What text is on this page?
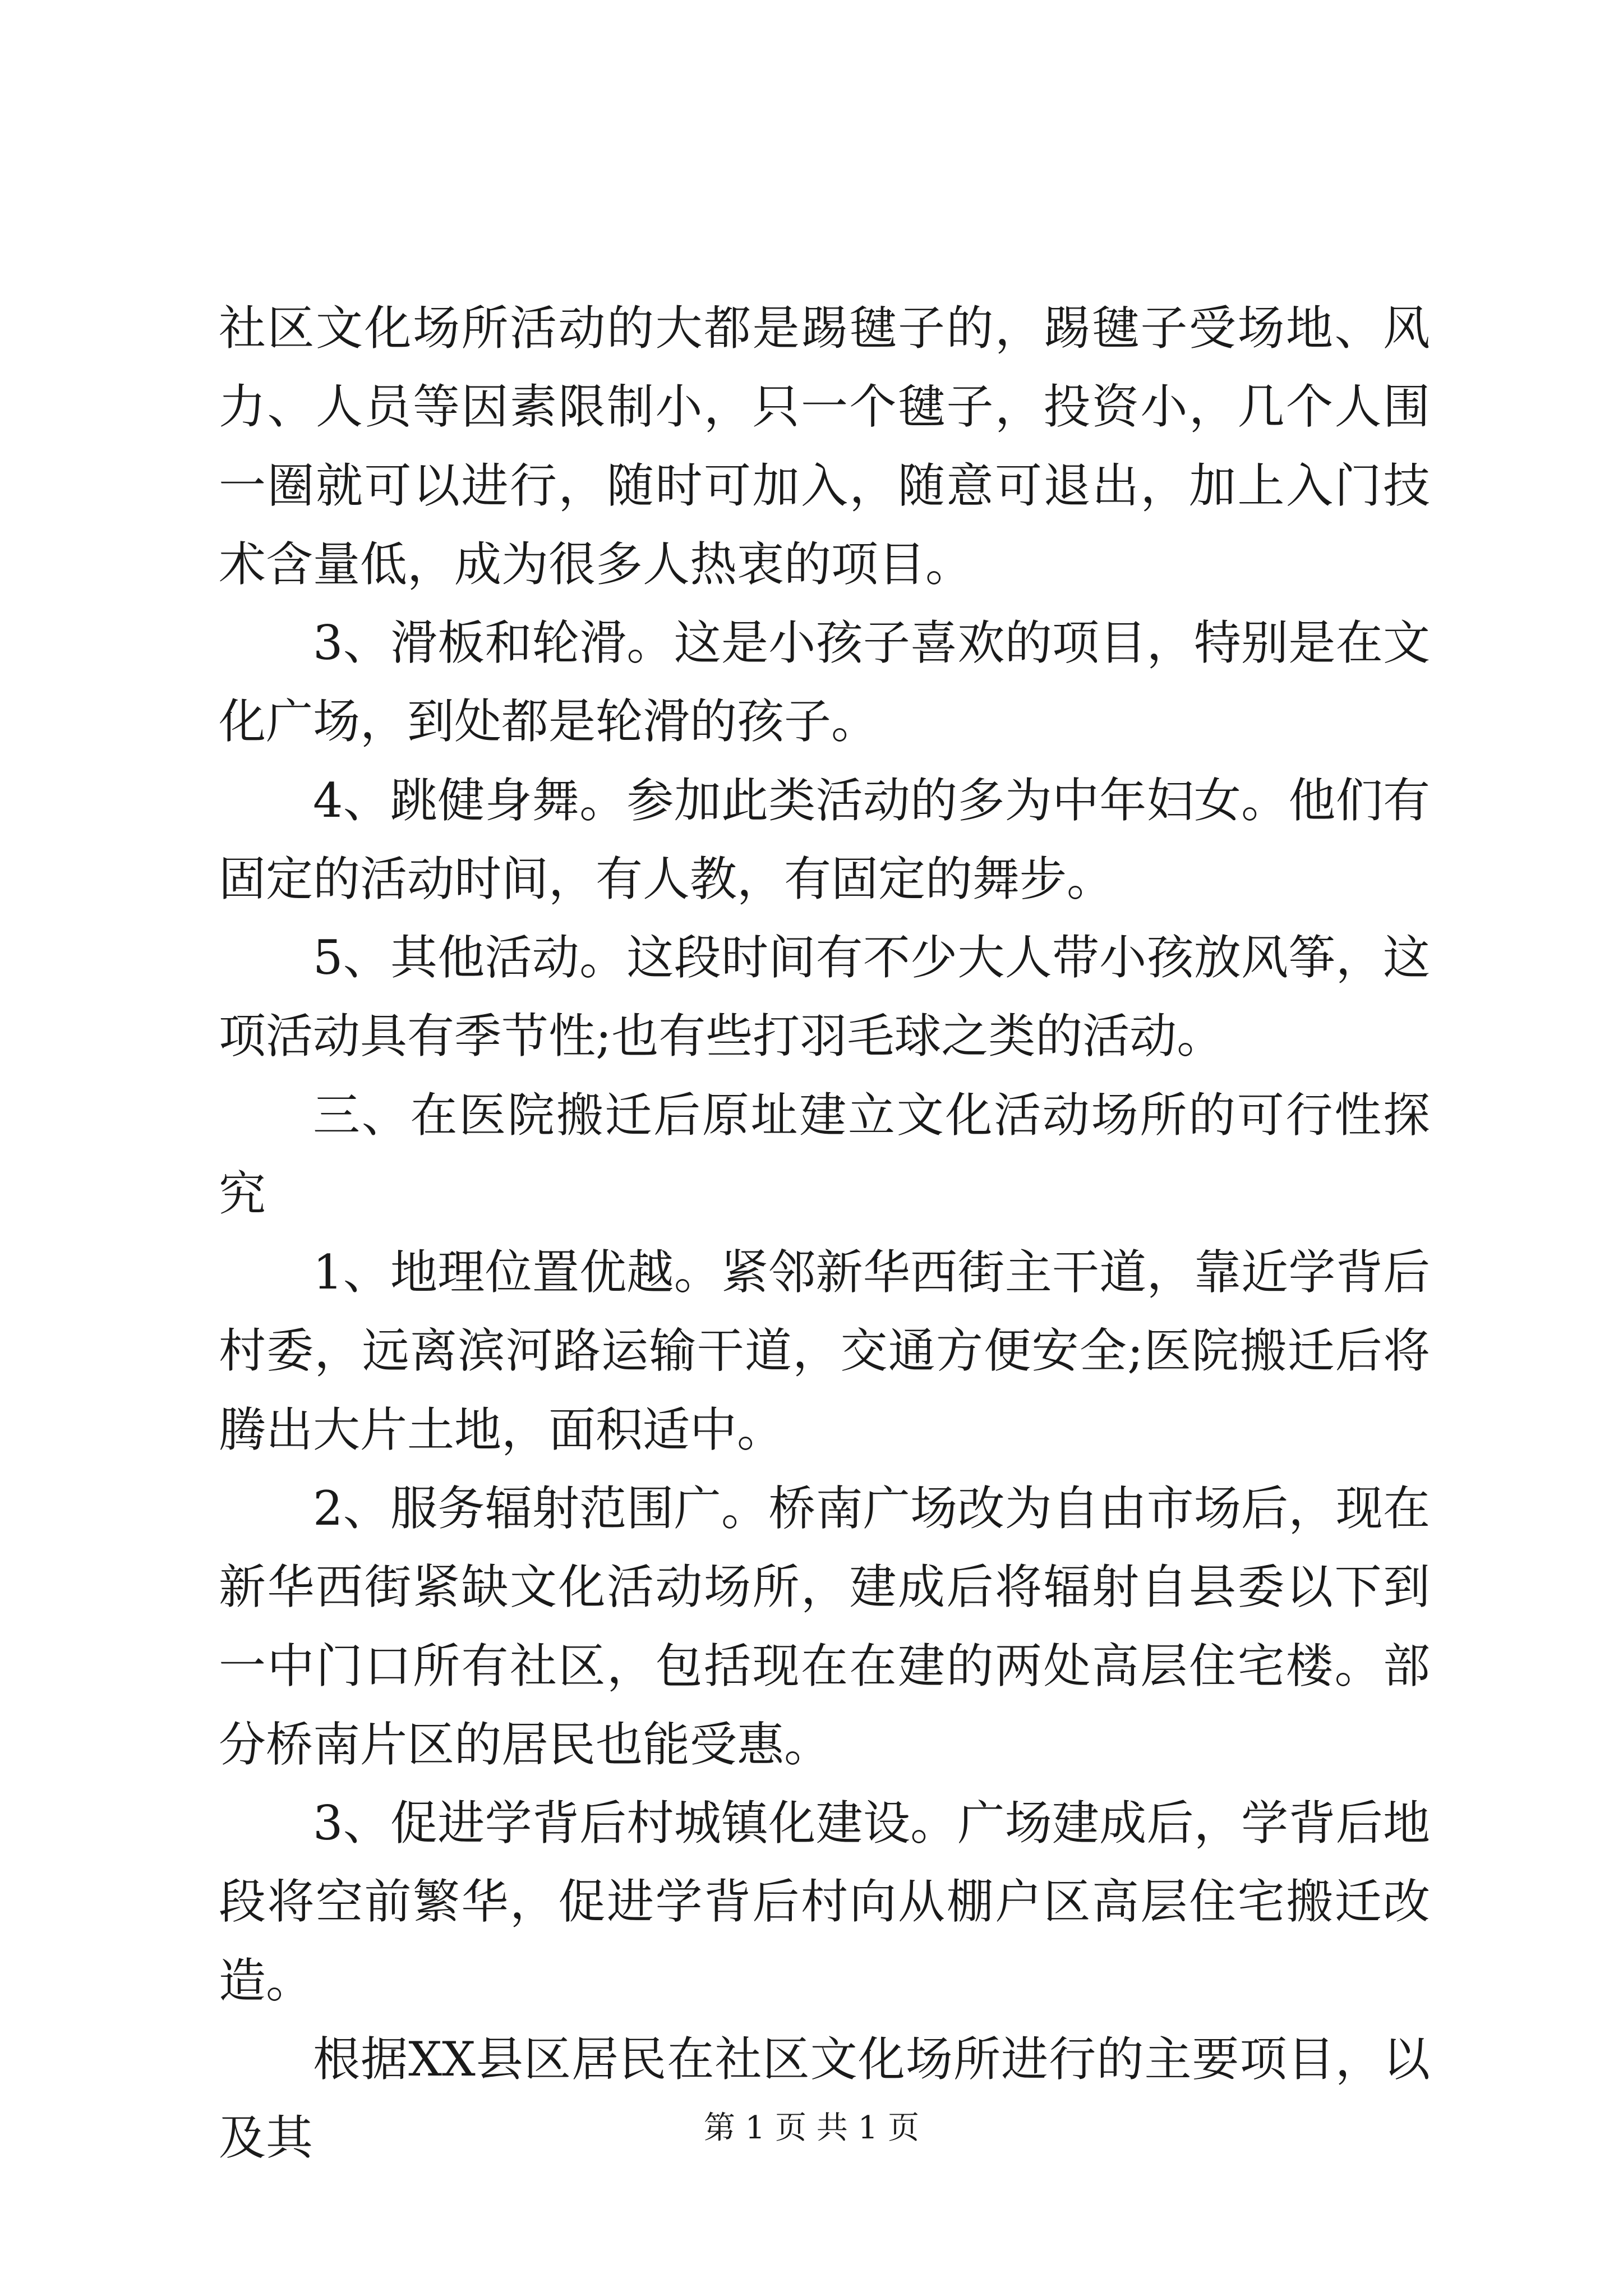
社区文化场所活动的大都是踢毽子的，踢毽子受场地、风力、人员等因素限制小，只一个毽子，投资小，几个人围一圈就可以进行，随时可加入，随意可退出，加上入门技术含量低，成为很多人热衷的项目。

3、滑板和轮滑。这是小孩子喜欢的项目，特别是在文化广场，到处都是轮滑的孩子。

4、跳健身舞。参加此类活动的多为中年妇女。他们有固定的活动时间，有人教，有固定的舞步。

5、其他活动。这段时间有不少大人带小孩放风筝，这项活动具有季节性;也有些打羽毛球之类的活动。

三、在医院搬迁后原址建立文化活动场所的可行性探究

1、地理位置优越。紧邻新华西街主干道，靠近学背后村委，远离滨河路运输干道，交通方便安全;医院搬迁后将腾出大片土地，面积适中。

2、服务辐射范围广。桥南广场改为自由市场后，现在新华西街紧缺文化活动场所，建成后将辐射自县委以下到一中门口所有社区，包括现在在建的两处高层住宅楼。部分桥南片区的居民也能受惠。

3、促进学背后村城镇化建设。广场建成后，学背后地段将空前繁华，促进学背后村向从棚户区高层住宅搬迁改造。

根据XX县区居民在社区文化场所进行的主要项目，以及其	第 1 页 共 1 页
